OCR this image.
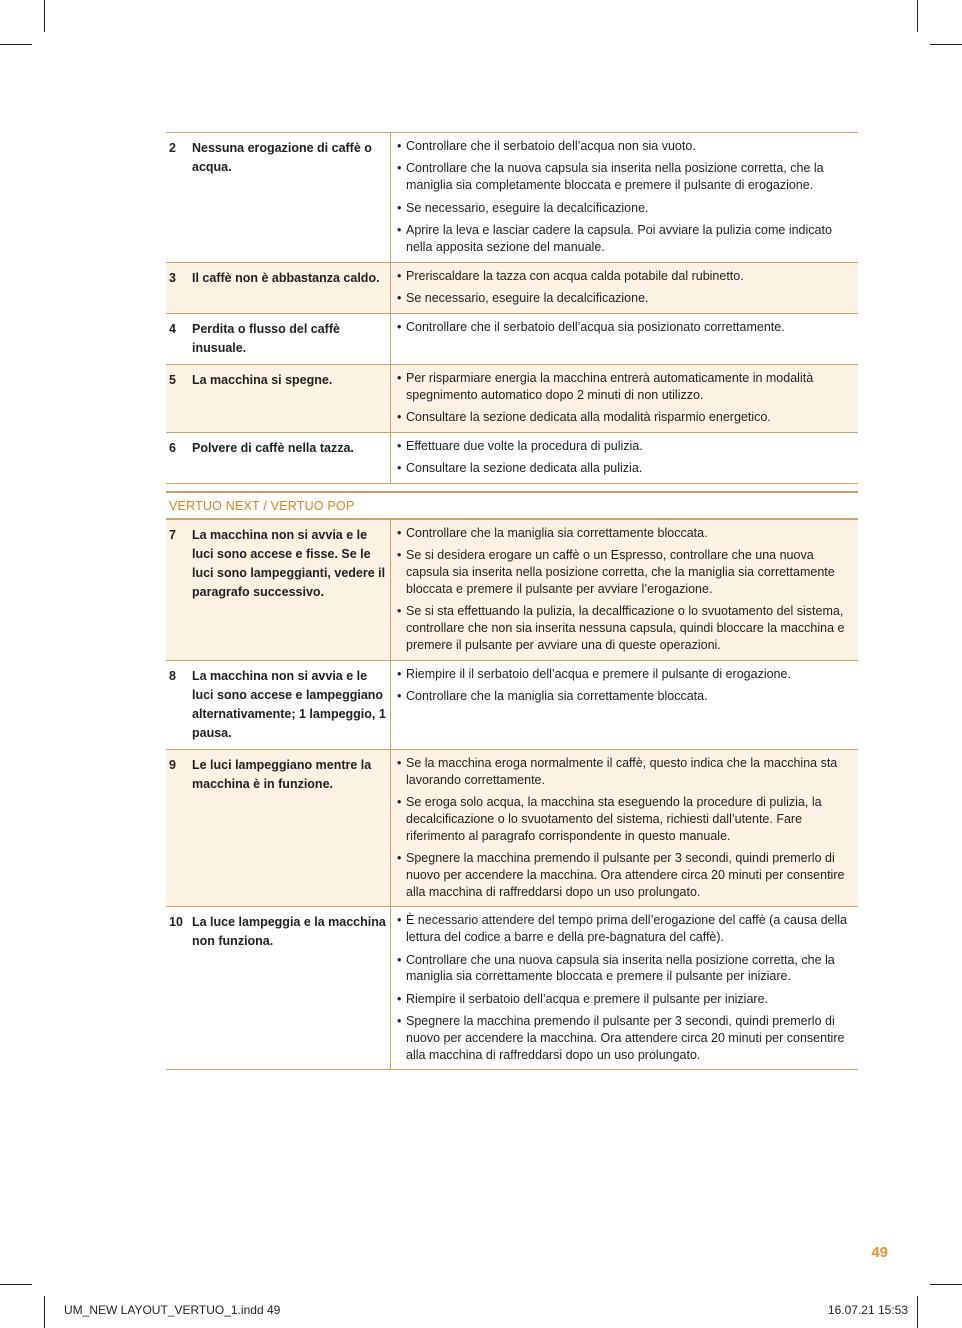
2	Nessuna erogazione di caffè o acqua.
• Controllare che il serbatoio dell’acqua non sia vuoto.
• Controllare che la nuova capsula sia inserita nella posizione corretta, che la maniglia sia completamente bloccata e premere il pulsante di erogazione.
• Se necessario, eseguire la decalcificazione.
• Aprire la leva e lasciar cadere la capsula. Poi avviare la pulizia come indicato nella apposita sezione del manuale.
3	Il caffè non è abbastanza caldo.	• Preriscaldare la tazza con acqua calda potabile dal rubinetto.
• Se necessario, eseguire la decalcificazione.
4	Perdita o flusso del caffè inusuale.
• Controllare che il serbatoio dell’acqua sia posizionato correttamente.
5	La macchina si spegne.	• Per risparmiare energia la macchina entrerà automaticamente in modalità spegnimento automatico dopo 2 minuti di non utilizzo.
• Consultare la sezione dedicata alla modalità risparmio energetico.
6	Polvere di caffè nella tazza.	• Effettuare due volte la procedura di pulizia.
• Consultare la sezione dedicata alla pulizia.
VERTUO NEXT / VERTUO POP
7	La macchina non si avvia e le luci sono accese e fisse. Se le luci sono lampeggianti, vedere il paragrafo successivo.
• Controllare che la maniglia sia correttamente bloccata.
• Se si desidera erogare un caffè o un Espresso, controllare che una nuova capsula sia inserita nella posizione corretta, che la maniglia sia correttamente bloccata e premere il pulsante per avviare l’erogazione.
• Se si sta effettuando la pulizia, la decalfficazione o lo svuotamento del sistema, controllare che non sia inserita nessuna capsula, quindi bloccare la macchina e premere il pulsante per avviare una di queste operazioni.
8	La macchina non si avvia e le luci sono accese e lampeggiano alternativamente; 1 lampeggio, 1 pausa.
• Riempire il il serbatoio dell’acqua e premere il pulsante di erogazione.
• Controllare che la maniglia sia correttamente bloccata.
9	Le luci lampeggiano mentre la macchina è in funzione.
• Se la macchina eroga normalmente il caffè, questo indica che la macchina sta lavorando correttamente.
• Se eroga solo acqua, la macchina sta eseguendo la procedure di pulizia, la decalcificazione o lo svuotamento del sistema, richiesti dall’utente. Fare riferimento al paragrafo corrispondente in questo manuale.
• Spegnere la macchina premendo il pulsante per 3 secondi, quindi premerlo di nuovo per accendere la macchina. Ora attendere circa 20 minuti per consentire alla macchina di raffreddarsi dopo un uso prolungato.
10 La luce lampeggia e la macchina non funziona.
• È necessario attendere del tempo prima dell’erogazione del caffè (a causa della lettura del codice a barre e della pre-bagnatura del caffè).
• Controllare che una nuova capsula sia inserita nella posizione corretta, che la maniglia sia correttamente bloccata e premere il pulsante per iniziare.
• Riempire il serbatoio dell’acqua e premere il pulsante per iniziare.
• Spegnere la macchina premendo il pulsante per 3 secondi, quindi premerlo di nuovo per accendere la macchina. Ora attendere circa 20 minuti per consentire alla macchina di raffreddarsi dopo un uso prolungato.
49
UM_NEW LAYOUT_VERTUO_1.indd 49	16.07.21 15:53
